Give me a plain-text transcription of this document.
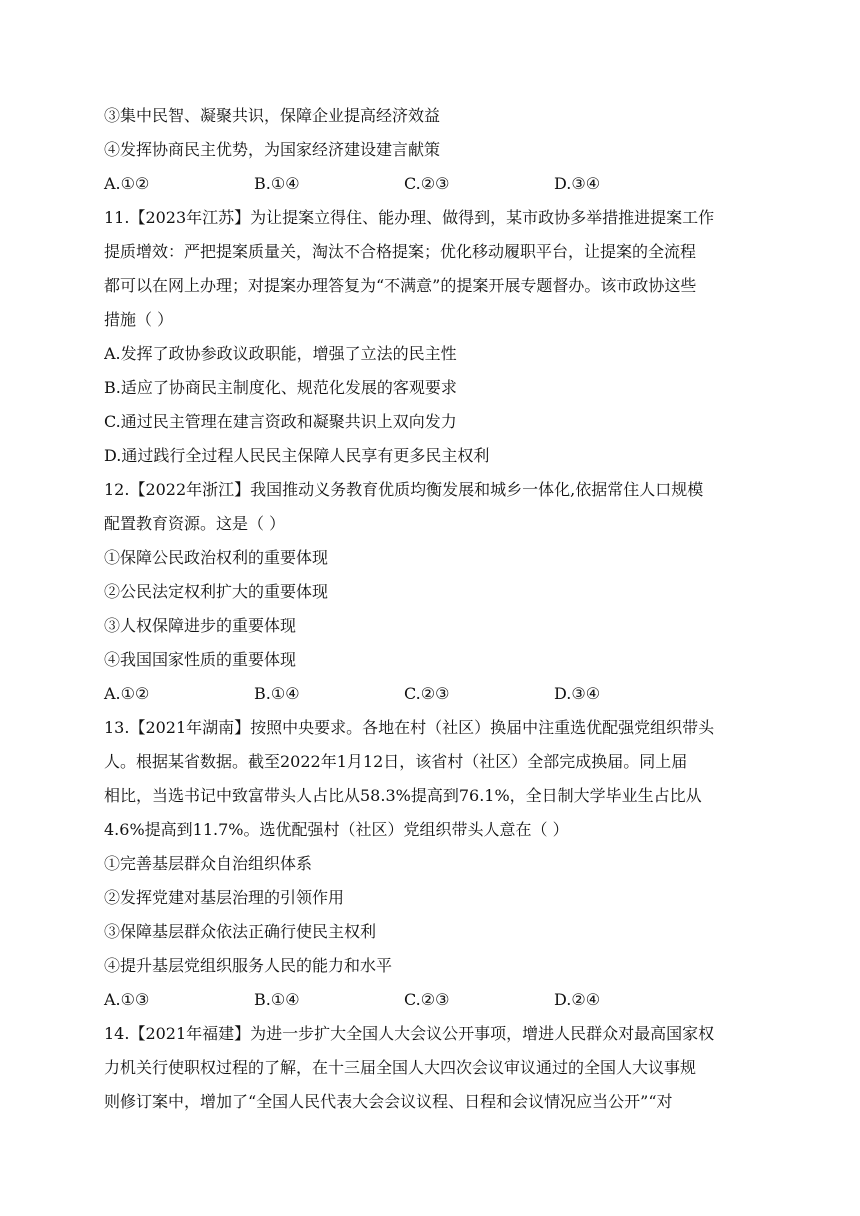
③集中民智、凝聚共识，保障企业提高经济效益
④发挥协商民主优势，为国家经济建设建言献策
A.①②	B.①④	C.②③	D.③④
11.【2023年江苏】为让提案立得住、能办理、做得到，某市政协多举措推进提案工作
提质增效：严把提案质量关，淘汰不合格提案；优化移动履职平台，让提案的全流程
都可以在网上办理；对提案办理答复为“不满意”的提案开展专题督办。该市政协这些
措施（ ）
A.发挥了政协参政议政职能，增强了立法的民主性
B.适应了协商民主制度化、规范化发展的客观要求
C.通过民主管理在建言资政和凝聚共识上双向发力
D.通过践行全过程人民民主保障人民享有更多民主权利
12.【2022年浙江】我国推动义务教育优质均衡发展和城乡一体化,依据常住人口规模
配置教育资源。这是（ ）
①保障公民政治权利的重要体现
②公民法定权利扩大的重要体现
③人权保障进步的重要体现
④我国国家性质的重要体现
A.①②	B.①④	C.②③	D.③④
13.【2021年湖南】按照中央要求。各地在村（社区）换届中注重选优配强党组织带头
人。根据某省数据。截至2022年1月12日，该省村（社区）全部完成换届。同上届
相比，当选书记中致富带头人占比从58.3%提高到76.1%，全日制大学毕业生占比从
4.6%提高到11.7%。选优配强村（社区）党组织带头人意在（ ）
①完善基层群众自治组织体系
②发挥党建对基层治理的引领作用
③保障基层群众依法正确行使民主权利
④提升基层党组织服务人民的能力和水平
A.①③	B.①④	C.②③	D.②④
14.【2021年福建】为进一步扩大全国人大会议公开事项，增进人民群众对最高国家权
力机关行使职权过程的了解，在十三届全国人大四次会议审议通过的全国人大议事规
则修订案中，增加了“全国人民代表大会会议议程、日程和会议情况应当公开”“对
